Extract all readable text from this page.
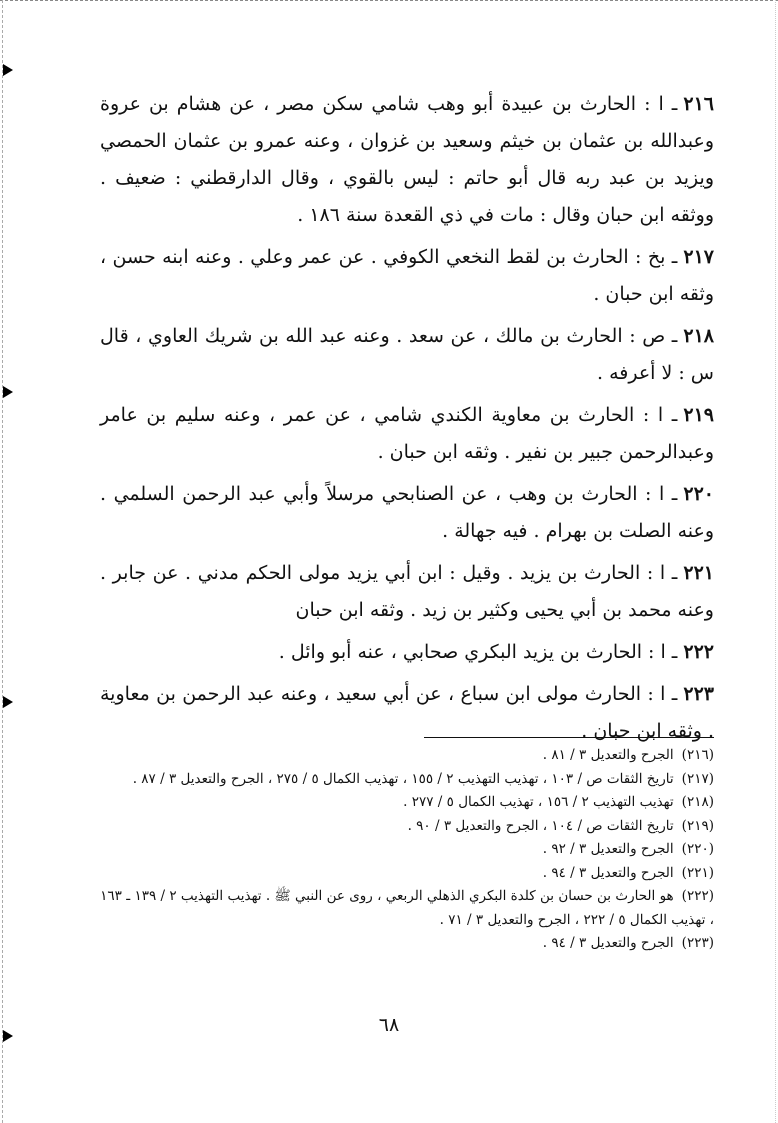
٢١٦ـ ا : الحارث بن عبيدة أبو وهب شامي سكن مصر ، عن هشام بن عروة وعبدالله بن عثمان بن خيثم وسعيد بن غزوان ، وعنه عمرو بن عثمان الحمصي ويزيد بن عبد ربه قال أبو حاتم : ليس بالقوي ، وقال الدارقطني : ضعيف . ووثقه ابن حبان وقال : مات في ذي القعدة سنة ١٨٦ .
٢١٧ـ بخ : الحارث بن لقط النخعي الكوفي . عن عمر وعلي . وعنه ابنه حسن ، وثقه ابن حبان .
٢١٨ـ ص : الحارث بن مالك ، عن سعد . وعنه عبد الله بن شريك العاوي ، قال س : لا أعرفه .
٢١٩ـ ا : الحارث بن معاوية الكندي شامي ، عن عمر ، وعنه سليم بن عامر وعبدالرحمن جبير بن نفير . وثقه ابن حبان .
٢٢٠ـ ا : الحارث بن وهب ، عن الصنابحي مرسلاً وأبي عبد الرحمن السلمي . وعنه الصلت بن بهرام . فيه جهالة .
٢٢١ـ ا : الحارث بن يزيد . وقيل : ابن أبي يزيد مولى الحكم مدني . عن جابر . وعنه محمد بن أبي يحيى وكثير بن زيد . وثقه ابن حبان
٢٢٢ـ ا : الحارث بن يزيد البكري صحابي ، عنه أبو وائل .
٢٢٣ـ ا : الحارث مولى ابن سباع ، عن أبي سعيد ، وعنه عبد الرحمن بن معاوية . وثقه ابن حبان .
(٢١٦)الجرح والتعديل ٣ / ٨١ .
(٢١٧)تاريخ الثقات ص / ١٠٣ ، تهذيب التهذيب ٢ / ١٥٥ ، تهذيب الكمال ٥ / ٢٧٥ ، الجرح والتعديل ٣ / ٨٧ .
(٢١٨)تهذيب التهذيب ٢ / ١٥٦ ، تهذيب الكمال ٥ / ٢٧٧ .
(٢١٩)تاريخ الثقات ص / ١٠٤ ، الجرح والتعديل ٣ / ٩٠ .
(٢٢٠)الجرح والتعديل ٣ / ٩٢ .
(٢٢١)الجرح والتعديل ٣ / ٩٤ .
(٢٢٢)هو الحارث بن حسان بن كلدة البكري الذهلي الربعي ، روى عن النبي ﷺ . تهذيب التهذيب ٢ / ١٣٩ ـ ١٦٣ ، تهذيب الكمال ٥ / ٢٢٢ ، الجرح والتعديل ٣ / ٧١ .
(٢٢٣)الجرح والتعديل ٣ / ٩٤ .
٦٨
